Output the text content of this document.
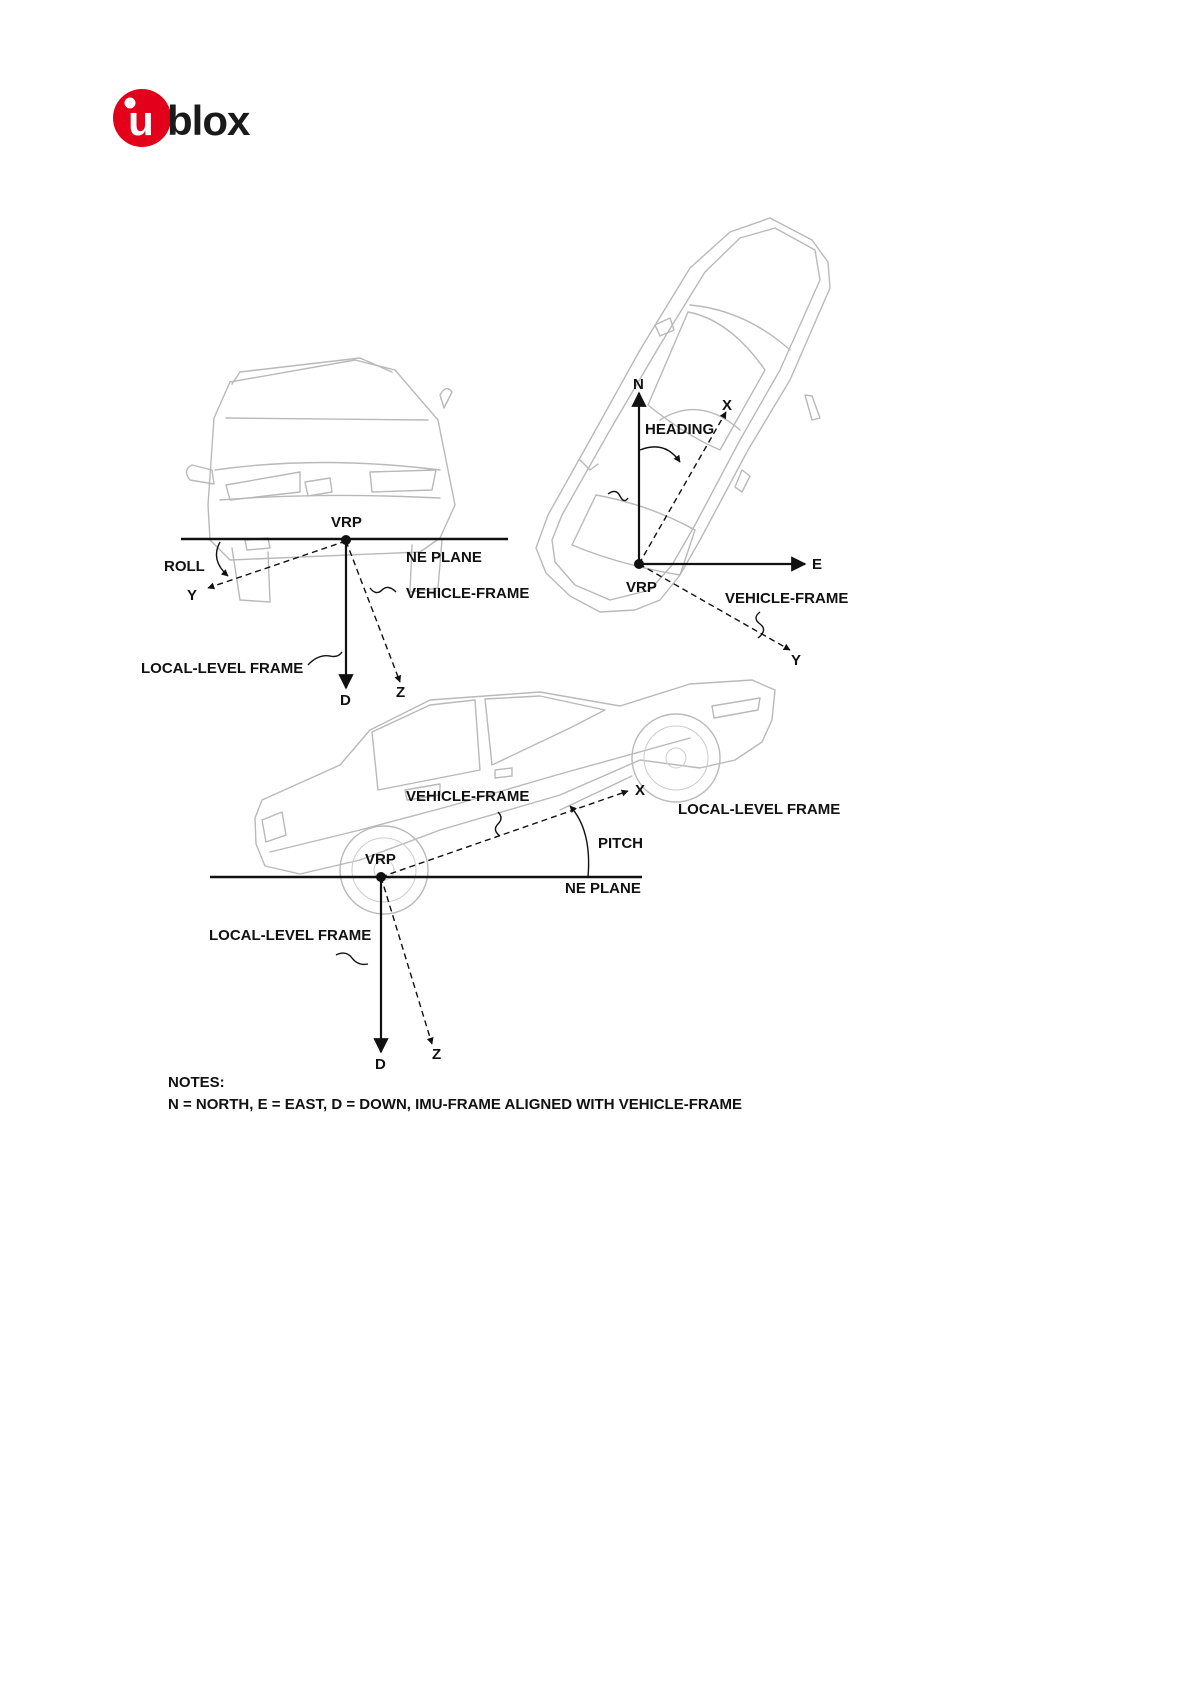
u blox
VRP
ROLL
Y
NE PLANE
VEHICLE-FRAME
LOCAL-LEVEL FRAME
D	Z
N
X
HEADING
E
VRP
VEHICLE-FRAME
Y
VEHICLE-FRAME	X
LOCAL-LEVEL FRAME
PITCH
VRP
NE PLANE
LOCAL-LEVEL FRAME
D
Z
NOTES:
N = NORTH, E = EAST, D = DOWN, IMU-FRAME ALIGNED WITH VEHICLE-FRAME
